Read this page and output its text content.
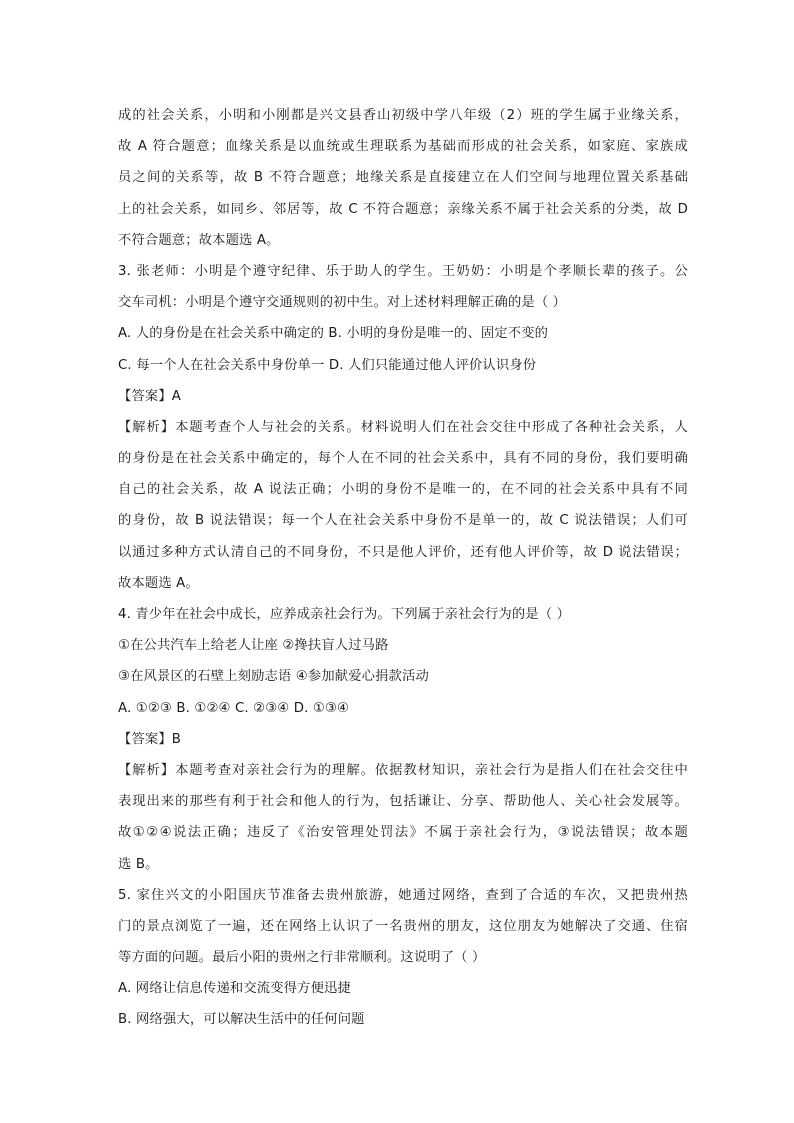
成的社会关系，小明和小刚都是兴文县香山初级中学八年级（2）班的学生属于业缘关系，
故 A 符合题意；血缘关系是以血统或生理联系为基础而形成的社会关系，如家庭、家族成
员之间的关系等，故 B 不符合题意；地缘关系是直接建立在人们空间与地理位置关系基础
上的社会关系，如同乡、邻居等，故 C 不符合题意；亲缘关系不属于社会关系的分类，故 D
不符合题意；故本题选 A。
3. 张老师：小明是个遵守纪律、乐于助人的学生。王奶奶：小明是个孝顺长辈的孩子。公
交车司机：小明是个遵守交通规则的初中生。对上述材料理解正确的是（ ）
A. 人的身份是在社会关系中确定的 B. 小明的身份是唯一的、固定不变的
C. 每一个人在社会关系中身份单一 D. 人们只能通过他人评价认识身份
【答案】A
【解析】本题考查个人与社会的关系。材料说明人们在社会交往中形成了各种社会关系，人
的身份是在社会关系中确定的，每个人在不同的社会关系中，具有不同的身份，我们要明确
自己的社会关系，故 A 说法正确；小明的身份不是唯一的，在不同的社会关系中具有不同
的身份，故 B 说法错误；每一个人在社会关系中身份不是单一的，故 C 说法错误；人们可
以通过多种方式认清自己的不同身份，不只是他人评价，还有他人评价等，故 D 说法错误；
故本题选 A。
4. 青少年在社会中成长，应养成亲社会行为。下列属于亲社会行为的是（ ）
①在公共汽车上给老人让座 ②搀扶盲人过马路
③在风景区的石壁上刻励志语 ④参加献爱心捐款活动
A. ①②③ B. ①②④ C. ②③④ D. ①③④
【答案】B
【解析】本题考查对亲社会行为的理解。依据教材知识，亲社会行为是指人们在社会交往中
表现出来的那些有利于社会和他人的行为，包括谦让、分享、帮助他人、关心社会发展等。
故①②④说法正确；违反了《治安管理处罚法》不属于亲社会行为，③说法错误；故本题
选 B。
5. 家住兴文的小阳国庆节准备去贵州旅游，她通过网络，查到了合适的车次，又把贵州热
门的景点浏览了一遍，还在网络上认识了一名贵州的朋友，这位朋友为她解决了交通、住宿
等方面的问题。最后小阳的贵州之行非常顺利。这说明了（ ）
A. 网络让信息传递和交流变得方便迅捷
B. 网络强大，可以解决生活中的任何问题
